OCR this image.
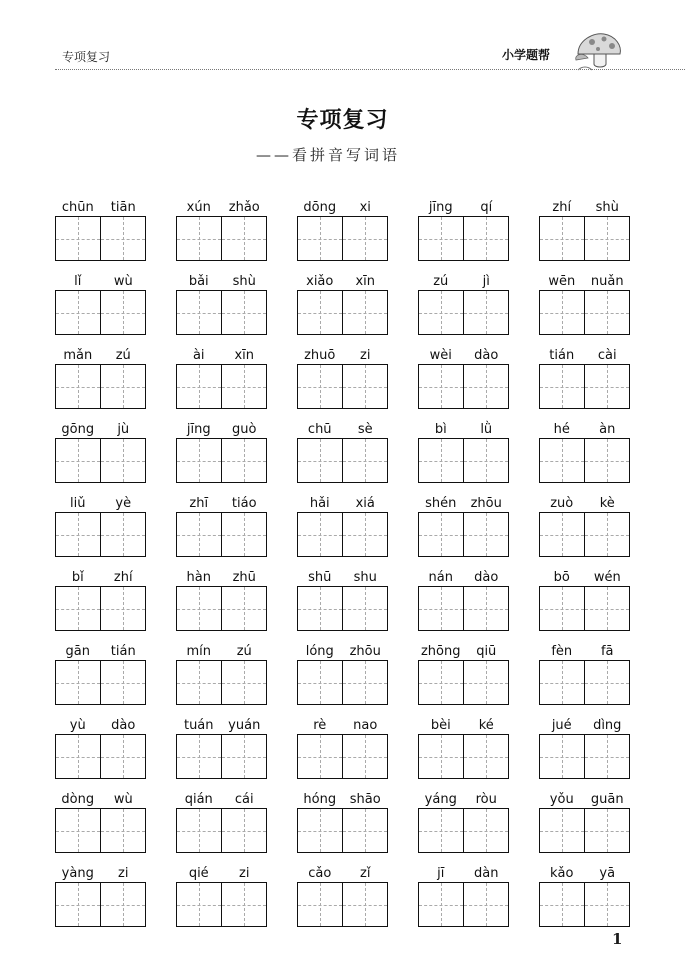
专项复习	小学题帮
专项复习
——看拼音写词语
chūn	tiān	xún	zhǎo	dōng	xi	jīng	qí	zhí	shù
lǐ	wù	bǎi	shù	xiǎo	xīn	zú	jì	wēn	nuǎn
mǎn	zú	ài	xīn	zhuō	zi	wèi	dào	tián	cài
gōng	jù	jīng	guò	chū	sè	bì	lǜ	hé	àn
liǔ	yè	zhī	tiáo	hǎi	xiá	shén	zhōu	zuò	kè
bǐ	zhí	hàn	zhū	shū	shu	nán	dào	bō	wén
gān	tián	mín	zú	lóng	zhōu	zhōng	qiū	fèn	fā
yù	dào	tuán	yuán	rè	nao	bèi	ké	jué	dìng
dòng	wù	qián	cái	hóng	shāo	yáng	ròu	yǒu	guān
yàng	zi	qié	zi	cǎo	zǐ	jī	dàn	kǎo	yā
1
